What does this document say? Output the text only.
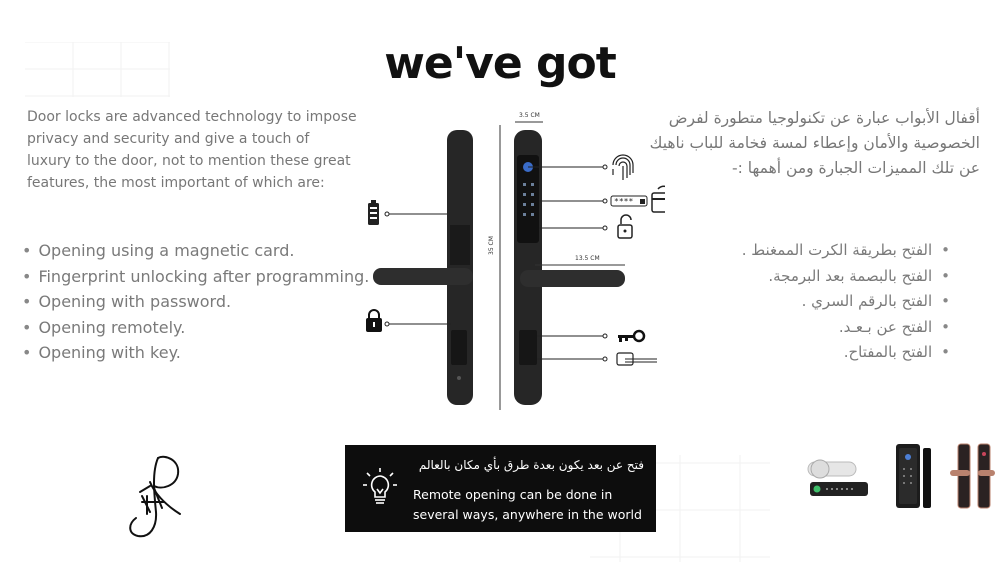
we've got
Door locks are advanced technology to impose privacy and security and give a touch of luxury to the door, not to mention these great features, the most important of which are:
أقفال الأبواب عبارة عن تكنولوجيا متطورة لفرض الخصوصية والأمان وإعطاء لمسة فخامة للباب ناهيك عن تلك المميزات الجبارة ومن أهمها :-
• Opening using a magnetic card.
• Fingerprint unlocking after programming.
• Opening with password.
• Opening remotely.
• Opening with key.
• الفتح بطريقة الكرت الممغنط .
• الفتح بالبصمة بعد البرمجة.
• الفتح بالرقم السري .
• الفتح عن بـعـد.
• الفتح بالمفتاح.
35 CM
3.5 CM
13.5 CM
****
فتح عن بعد يكون بعدة طرق بأي مكان بالعالم
Remote opening can be done in several ways, anywhere in the world
